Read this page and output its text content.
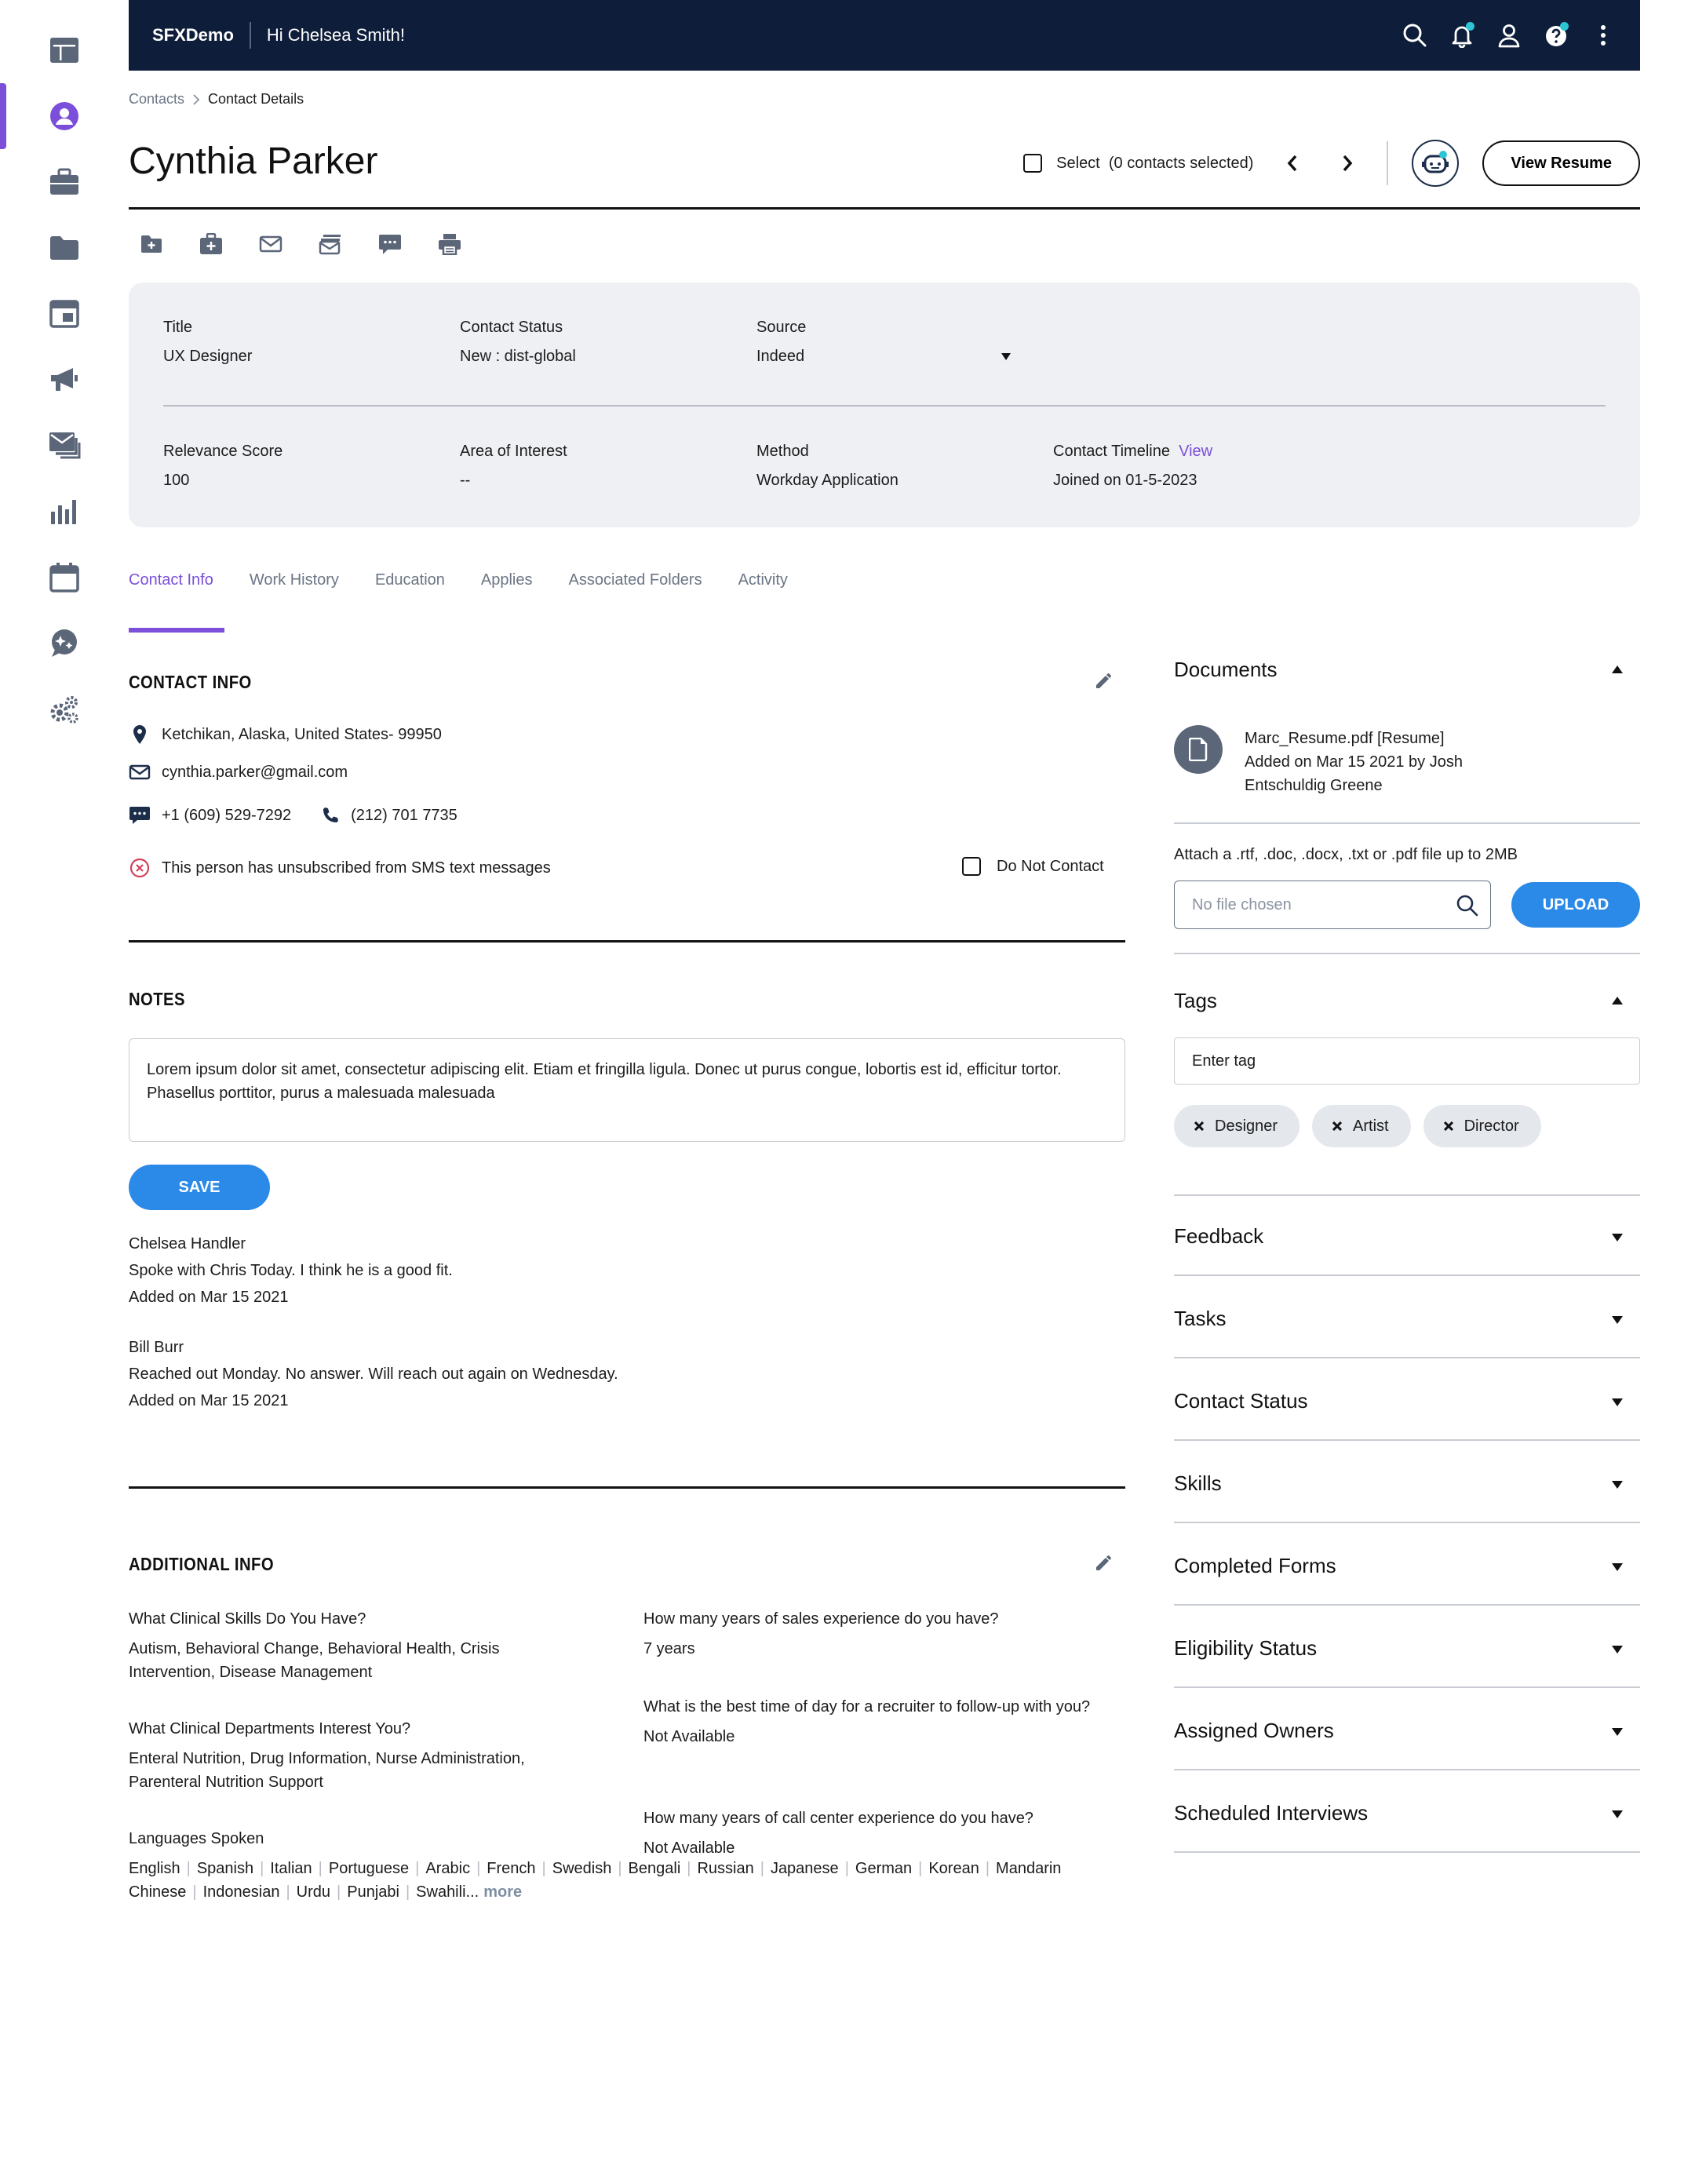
SFXDemo Hi Chelsea Smith!
Contacts Contact Details
Cynthia Parker	Select (0 contacts selected)	View Resume
Title
UX Designer
Contact Status
New : dist-global
Source
Indeed
Relevance Score
100
Area of Interest
--
Method
Workday Application
Contact Timeline View
Joined on 01-5-2023
Contact Info Work History Education Applies Associated Folders Activity
CONTACT INFO
Ketchikan, Alaska, United States- 99950
cynthia.parker@gmail.com
+1 (609) 529-7292	(212) 701 7735
This person has unsubscribed from SMS text messages	Do Not Contact
NOTES
Lorem ipsum dolor sit amet, consectetur adipiscing elit. Etiam et fringilla ligula. Donec ut purus congue, lobortis est id, efficitur tortor. Phasellus porttitor, purus a malesuada malesuada
SAVE
Chelsea Handler
Spoke with Chris Today. I think he is a good fit.
Added on Mar 15 2021
Bill Burr
Reached out Monday. No answer. Will reach out again on Wednesday.
Added on Mar 15 2021
ADDITIONAL INFO
What Clinical Skills Do You Have?
Autism, Behavioral Change, Behavioral Health, Crisis Intervention, Disease Management
What Clinical Departments Interest You?
Enteral Nutrition, Drug Information, Nurse Administration, Parenteral Nutrition Support
Languages Spoken
English | Spanish | Italian | Portuguese | Arabic | French | Swedish | Bengali | Russian | Japanese | German | Korean | Mandarin Chinese | Indonesian | Urdu | Punjabi | Swahili... more
How many years of sales experience do you have?
7 years
What is the best time of day for a recruiter to follow-up with you?
Not Available
How many years of call center experience do you have?
Not Available
Documents
Marc_Resume.pdf [Resume]
Added on Mar 15 2021 by Josh Entschuldig Greene
Attach a .rtf, .doc, .docx, .txt or .pdf file up to 2MB
No file chosen	UPLOAD
Tags
Enter tag
Designer	Artist	Director
Feedback
Tasks
Contact Status
Skills
Completed Forms
Eligibility Status
Assigned Owners
Scheduled Interviews
